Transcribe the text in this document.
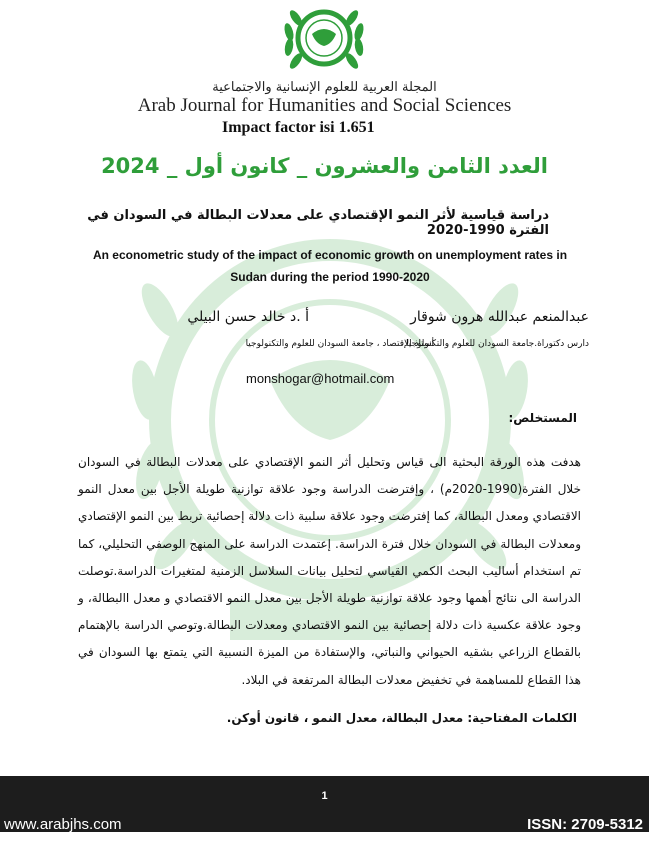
المجلة العربية للعلوم الإنسانية والاجتماعية
Arab Journal for Humanities and Social Sciences
Impact factor isi 1.651
العدد الثامن والعشرون _ كانون أول _ 2024
دراسة قياسية لأثر النمو الإقتصادي على معدلات البطالة في السودان في الفترة 1990-2020
An econometric study of the impact of economic growth on unemployment rates in
Sudan during the period 1990-2020
عبدالمنعم عبدالله هرون شوقار
أ .د خالد حسن البيلي
دارس دكتوراة.جامعة السودان للعلوم والتكنولوجيا
أستاذ الإقتصاد ، جامعة السودان للعلوم والتكنولوجيا
monshogar@hotmail.com
المستخلص:
هدفت هذه الورقة البحثية الى قياس وتحليل أثر النمو الإقتصادي على معدلات البطالة في السودان خلال الفترة(1990-2020م) ، وإفترضت الدراسة وجود علاقة توازنية طويلة الأجل بين معدل النمو الاقتصادي ومعدل البطالة، كما إفترضت وجود علاقة سلبية ذات دلالة إحصائية تربط بين النمو الإقتصادي ومعدلات البطالة في السودان خلال فترة الدراسة. إعتمدت الدراسة على المنهج الوصفي التحليلي، كما تم استخدام أساليب البحث الكمي القياسي لتحليل بيانات السلاسل الزمنية لمتغيرات الدراسة.توصلت الدراسة الى نتائج أهمها وجود علاقة توازنية طويلة الأجل بين معدل النمو الاقتصادي و معدل االبطالة، و وجود علاقة عكسية ذات دلالة إحصائية بين النمو الاقتصادي ومعدلات البطالة.وتوصي الدراسة بالإهتمام بالقطاع الزراعي بشقيه الحيواني والنباتي، والإستفادة من الميزة النسبية التي يتمتع بها السودان في هذا القطاع للمساهمة في تخفيض معدلات البطالة المرتفعة في البلاد.
الكلمات المفتاحية: معدل البطالة، معدل النمو ، قانون أوكن.
1
www.arabjhs.com	ISSN: 2709-5312
